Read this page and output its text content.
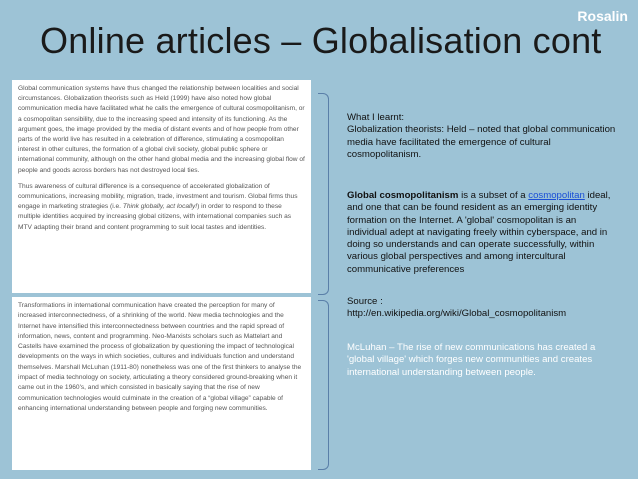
Rosalin
Online articles – Globalisation cont

Global communication systems have thus changed the relationship between localities and social circumstances. Globalization theorists such as Held (1999) have also noted how global communication media have facilitated what he calls the emergence of cultural cosmopolitanism, or a cosmopolitan sensibility, due to the increasing speed and intensity of its functioning. As the argument goes, the image provided by the media of distant events and of how people from other parts of the world live has resulted in a celebration of difference, stimulating a cosmopolitan interest in other cultures, the formation of a global civil society, global public sphere or international community, although on the other hand global media and the increasing global flow of people and goods across borders has not destroyed local ties.

Thus awareness of cultural difference is a consequence of accelerated globalization of communications, increasing mobility, migration, trade, investment and tourism. Global firms thus engage in marketing strategies (i.e. Think globally, act locally!) in order to respond to these multiple identities acquired by increasing global citizens, with international companies such as MTV adapting their brand and content programming to suit local tastes and identities.

Transformations in international communication have created the perception for many of increased interconnectedness, of a shrinking of the world. New media technologies and the Internet have intensified this interconnectedness between countries and the rapid spread of information, news, content and programming. Neo-Marxists scholars such as Mattelart and Castells have examined the process of globalization by questioning the impact of technological developments on the ways in which societies, cultures and individuals function and understand themselves. Marshall McLuhan (1911-80) nonetheless was one of the first thinkers to analyse the impact of media technology on society, articulating a theory considered ground-breaking when it came out in the 1960's, and which consisted in basically saying that the rise of new communication technologies would culminate in the creation of a “global village” capable of enhancing international understanding between people and forging new communities.

What I learnt:
Globalization theorists: Held – noted that global communication media have facilitated the emergence of cultural cosmopolitanism.
Global cosmopolitanism is a subset of a cosmopolitan ideal, and one that can be found resident as an emerging identity formation on the Internet. A 'global' cosmopolitan is an individual adept at navigating freely within cyberspace, and in doing so understands and can operate successfully, within various global perspectives and among intercultural communicative preferences
Source :
http://en.wikipedia.org/wiki/Global_cosmopolitanism
McLuhan – The rise of new communications has created a 'global village' which forges new communities and creates international understanding between people.
